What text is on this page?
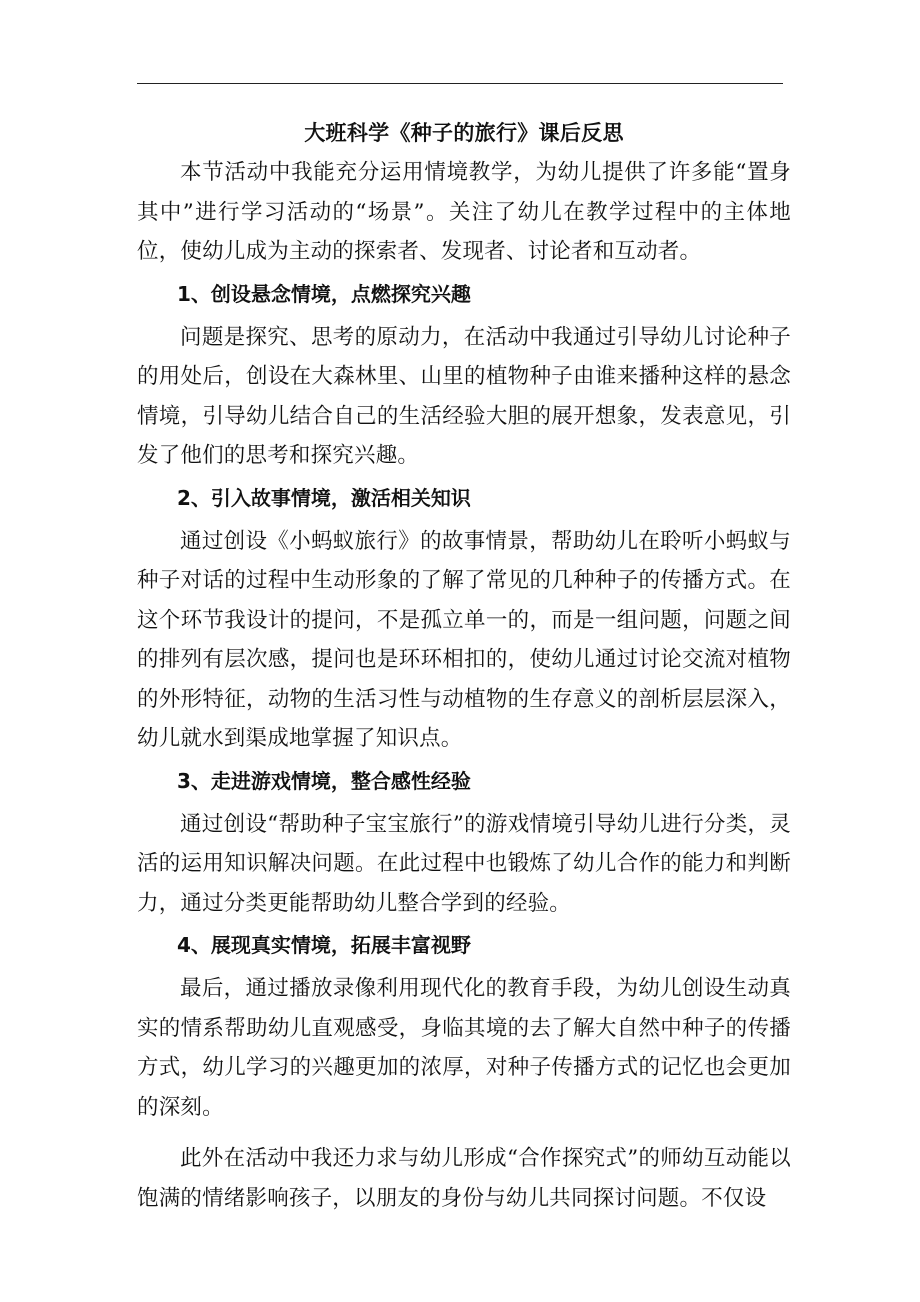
大班科学《种子的旅行》课后反思

本节活动中我能充分运用情境教学，为幼儿提供了许多能“置身其中”进行学习活动的“场景”。关注了幼儿在教学过程中的主体地位，使幼儿成为主动的探索者、发现者、讨论者和互动者。

1、创设悬念情境，点燃探究兴趣

问题是探究、思考的原动力，在活动中我通过引导幼儿讨论种子的用处后，创设在大森林里、山里的植物种子由谁来播种这样的悬念情境，引导幼儿结合自己的生活经验大胆的展开想象，发表意见，引发了他们的思考和探究兴趣。

2、引入故事情境，激活相关知识

通过创设《小蚂蚁旅行》的故事情景，帮助幼儿在聆听小蚂蚁与种子对话的过程中生动形象的了解了常见的几种种子的传播方式。在这个环节我设计的提问，不是孤立单一的，而是一组问题，问题之间的排列有层次感，提问也是环环相扣的，使幼儿通过讨论交流对植物的外形特征，动物的生活习性与动植物的生存意义的剖析层层深入，幼儿就水到渠成地掌握了知识点。

3、走进游戏情境，整合感性经验

通过创设“帮助种子宝宝旅行”的游戏情境引导幼儿进行分类，灵活的运用知识解决问题。在此过程中也锻炼了幼儿合作的能力和判断力，通过分类更能帮助幼儿整合学到的经验。

4、展现真实情境，拓展丰富视野

最后，通过播放录像利用现代化的教育手段，为幼儿创设生动真实的情系帮助幼儿直观感受，身临其境的去了解大自然中种子的传播方式，幼儿学习的兴趣更加的浓厚，对种子传播方式的记忆也会更加的深刻。

此外在活动中我还力求与幼儿形成“合作探究式”的师幼互动能以饱满的情绪影响孩子，以朋友的身份与幼儿共同探讨问题。不仅设
